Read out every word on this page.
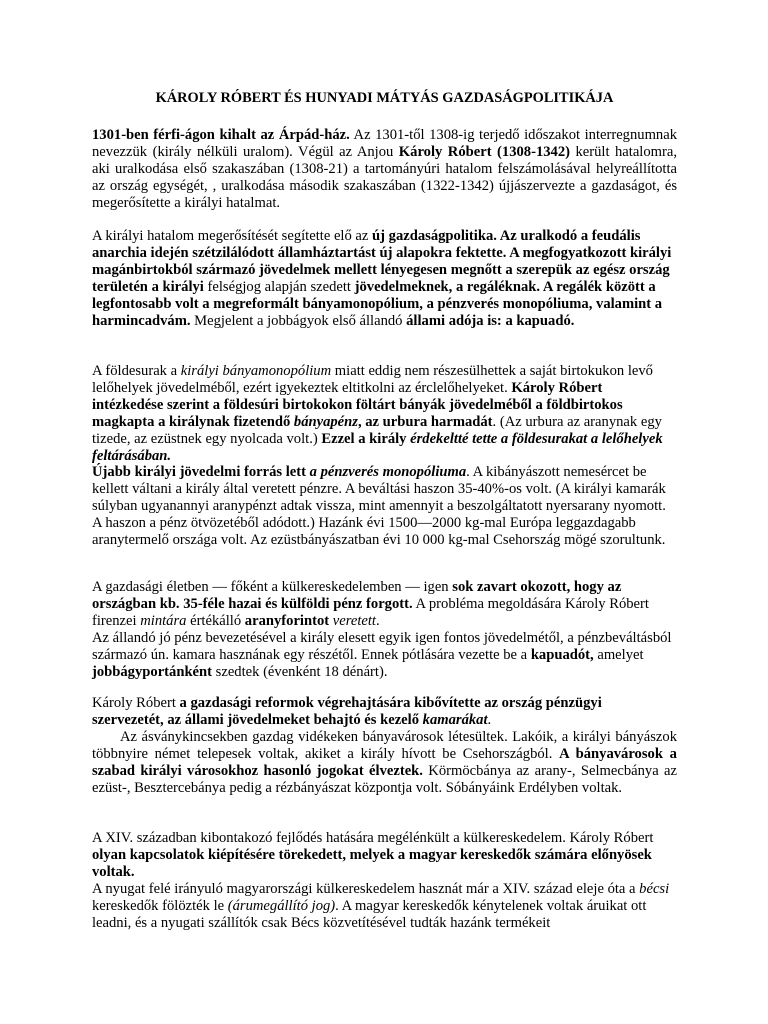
KÁROLY RÓBERT ÉS HUNYADI MÁTYÁS GAZDASÁGPOLITIKÁJA

1301-ben férfi-ágon kihalt az Árpád-ház. Az 1301-től 1308-ig terjedő időszakot interregnumnak nevezzük (király nélküli uralom). Végül az Anjou Károly Róbert (1308-1342) került hatalomra, aki uralkodása első szakaszában (1308-21) a tartományúri hatalom felszámolásával helyreállította az ország egységét, , uralkodása második szakaszában (1322-1342) újjászervezte a gazdaságot, és megerősítette a királyi hatalmat.

A királyi hatalom megerősítését segítette elő az új gazdaságpolitika. Az uralkodó a feudális anarchia idején szétzilálódott államháztartást új alapokra fektette. A megfogyatkozott királyi magánbirtokból származó jövedelmek mellett lényegesen megnőtt a szerepük az egész ország területén a királyi felségjog alapján szedett jövedelmeknek, a regáléknak. A regálék között a legfontosabb volt a megreformált bányamonopólium, a pénzverés monopóliuma, valamint a harmincadvám. Megjelent a jobbágyok első állandó állami adója is: a kapuadó.

A földesurak a királyi bányamonopólium miatt eddig nem részesülhettek a saját birtokukon levő lelőhelyek jövedelméből, ezért igyekeztek eltitkolni az érclelőhelyeket. Károly Róbert intézkedése szerint a földesúri birtokokon föltárt bányák jövedelméből a földbirtokos magkapta a királynak fizetendő bányapénz, az urbura harmadát. (Az urbura az aranynak egy tizede, az ezüstnek egy nyolcada volt.) Ezzel a király érdekeltté tette a földesurakat a lelőhelyek feltárásában.
Újabb királyi jövedelmi forrás lett a pénzverés monopóliuma. A kibányászott nemesércet be kellett váltani a király által veretett pénzre. A beváltási haszon 35-40%-os volt. (A királyi kamarák súlyban ugyanannyi aranypénzt adtak vissza, mint amennyit a beszolgáltatott nyersarany nyomott. A haszon a pénz ötvözetéből adódott.) Hazánk évi 1500—2000 kg-mal Európa leggazdagabb aranytermelő országa volt. Az ezüstbányászatban évi 10 000 kg-mal Csehország mögé szorultunk.

A gazdasági életben — főként a külkereskedelemben — igen sok zavart okozott, hogy az országban kb. 35-féle hazai és külföldi pénz forgott. A probléma megoldására Károly Róbert firenzei mintára értékálló aranyforintot veretett.
Az állandó jó pénz bevezetésével a király elesett egyik igen fontos jövedelmétől, a pénzbeváltásból származó ún. kamara hasznának egy részétől. Ennek pótlására vezette be a kapuadót, amelyet jobbágyportánként szedtek (évenként 18 dénárt).

Károly Róbert a gazdasági reformok végrehajtására kibővítette az ország pénzügyi szervezetét, az állami jövedelmeket behajtó és kezelő kamarákat.

Az ásványkincsekben gazdag vidékeken bányavárosok létesültek. Lakóik, a királyi bányászok többnyire német telepesek voltak, akiket a király hívott be Csehországból. A bányavárosok a szabad királyi városokhoz hasonló jogokat élveztek. Körmöcbánya az arany-, Selmecbánya az ezüst-, Besztercebánya pedig a rézbányászat központja volt. Sóbányáink Erdélyben voltak.

A XIV. században kibontakozó fejlődés hatására megélénkült a külkereskedelem. Károly Róbert olyan kapcsolatok kiépítésére törekedett, melyek a magyar kereskedők számára előnyösek voltak.
A nyugat felé irányuló magyarországi külkereskedelem hasznát már a XIV. század eleje óta a bécsi kereskedők fölözték le (árumegállító jog). A magyar kereskedők kénytelenek voltak áruikat ott leadni, és a nyugati szállítók csak Bécs közvetítésével tudták hazánk termékeit
